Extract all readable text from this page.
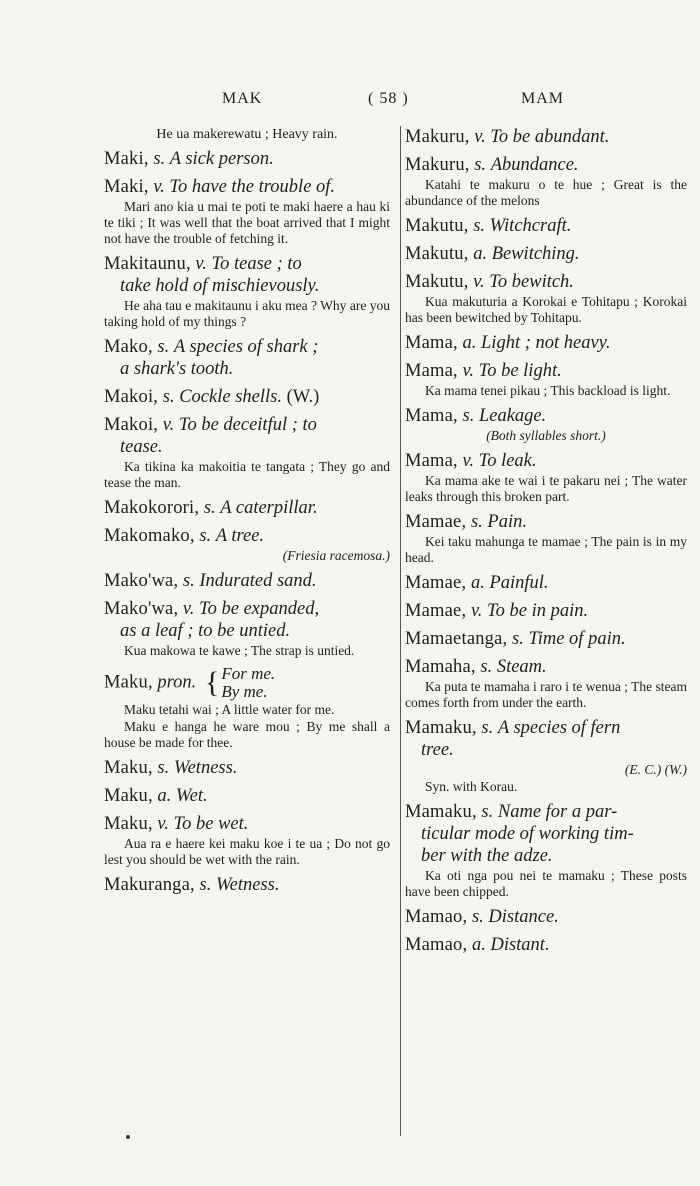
MAK	( 58 )	MAM
He ua makerewatu ; Heavy rain.
Maki, s. A sick person.
Maki, v. To have the trouble of.

Mari ano kia u mai te poti te maki haere a hau ki te tiki ; It was well that the boat arrived that I might not have the trouble of fetching it.

Makitaunu, v. To tease ; to
take hold of mischievously.

He aha tau e makitaunu i aku mea ? Why are you taking hold of my things ?

Mako, s. A species of shark ;
a shark's tooth.
Makoi, s. Cockle shells. (W.)
Makoi, v. To be deceitful ; to
tease.

Ka tikina ka makoitia te tangata ; They go and tease the man.

Makokorori, s. A caterpillar.
Makomako, s. A tree.
(Friesia racemosa.)
Mako'wa, s. Indurated sand.
Mako'wa, v. To be expanded,
as a leaf ; to be untied.

Kua makowa te kawe ; The strap is untied.

Maku, pron. { For me.
By me.

Maku tetahi wai ; A little water for me.

Maku e hanga he ware mou ; By me shall a house be made for thee.

Maku, s. Wetness.
Maku, a. Wet.
Maku, v. To be wet.

Aua ra e haere kei maku koe i te ua ; Do not go lest you should be wet with the rain.

Makuranga, s. Wetness.
Makuru, v. To be abundant.
Makuru, s. Abundance.

Katahi te makuru o te hue ; Great is the abundance of the melons

Makutu, s. Witchcraft.
Makutu, a. Bewitching.
Makutu, v. To bewitch.

Kua makuturia a Korokai e Tohitapu ; Korokai has been bewitched by Tohitapu.

Mama, a. Light ; not heavy.
Mama, v. To be light.

Ka mama tenei pikau ; This backload is light.

Mama, s. Leakage.
(Both syllables short.)
Mama, v. To leak.

Ka mama ake te wai i te pakaru nei ; The water leaks through this broken part.

Mamae, s. Pain.

Kei taku mahunga te mamae ; The pain is in my head.

Mamae, a. Painful.
Mamae, v. To be in pain.
Mamaetanga, s. Time of pain.
Mamaha, s. Steam.

Ka puta te mamaha i raro i te wenua ; The steam comes forth from under the earth.

Mamaku, s. A species of fern
tree.
(E. C.) (W.)

Syn. with Korau.

Mamaku, s. Name for a par-
ticular mode of working tim-
ber with the adze.

Ka oti nga pou nei te mamaku ; These posts have been chipped.

Mamao, s. Distance.
Mamao, a. Distant.
